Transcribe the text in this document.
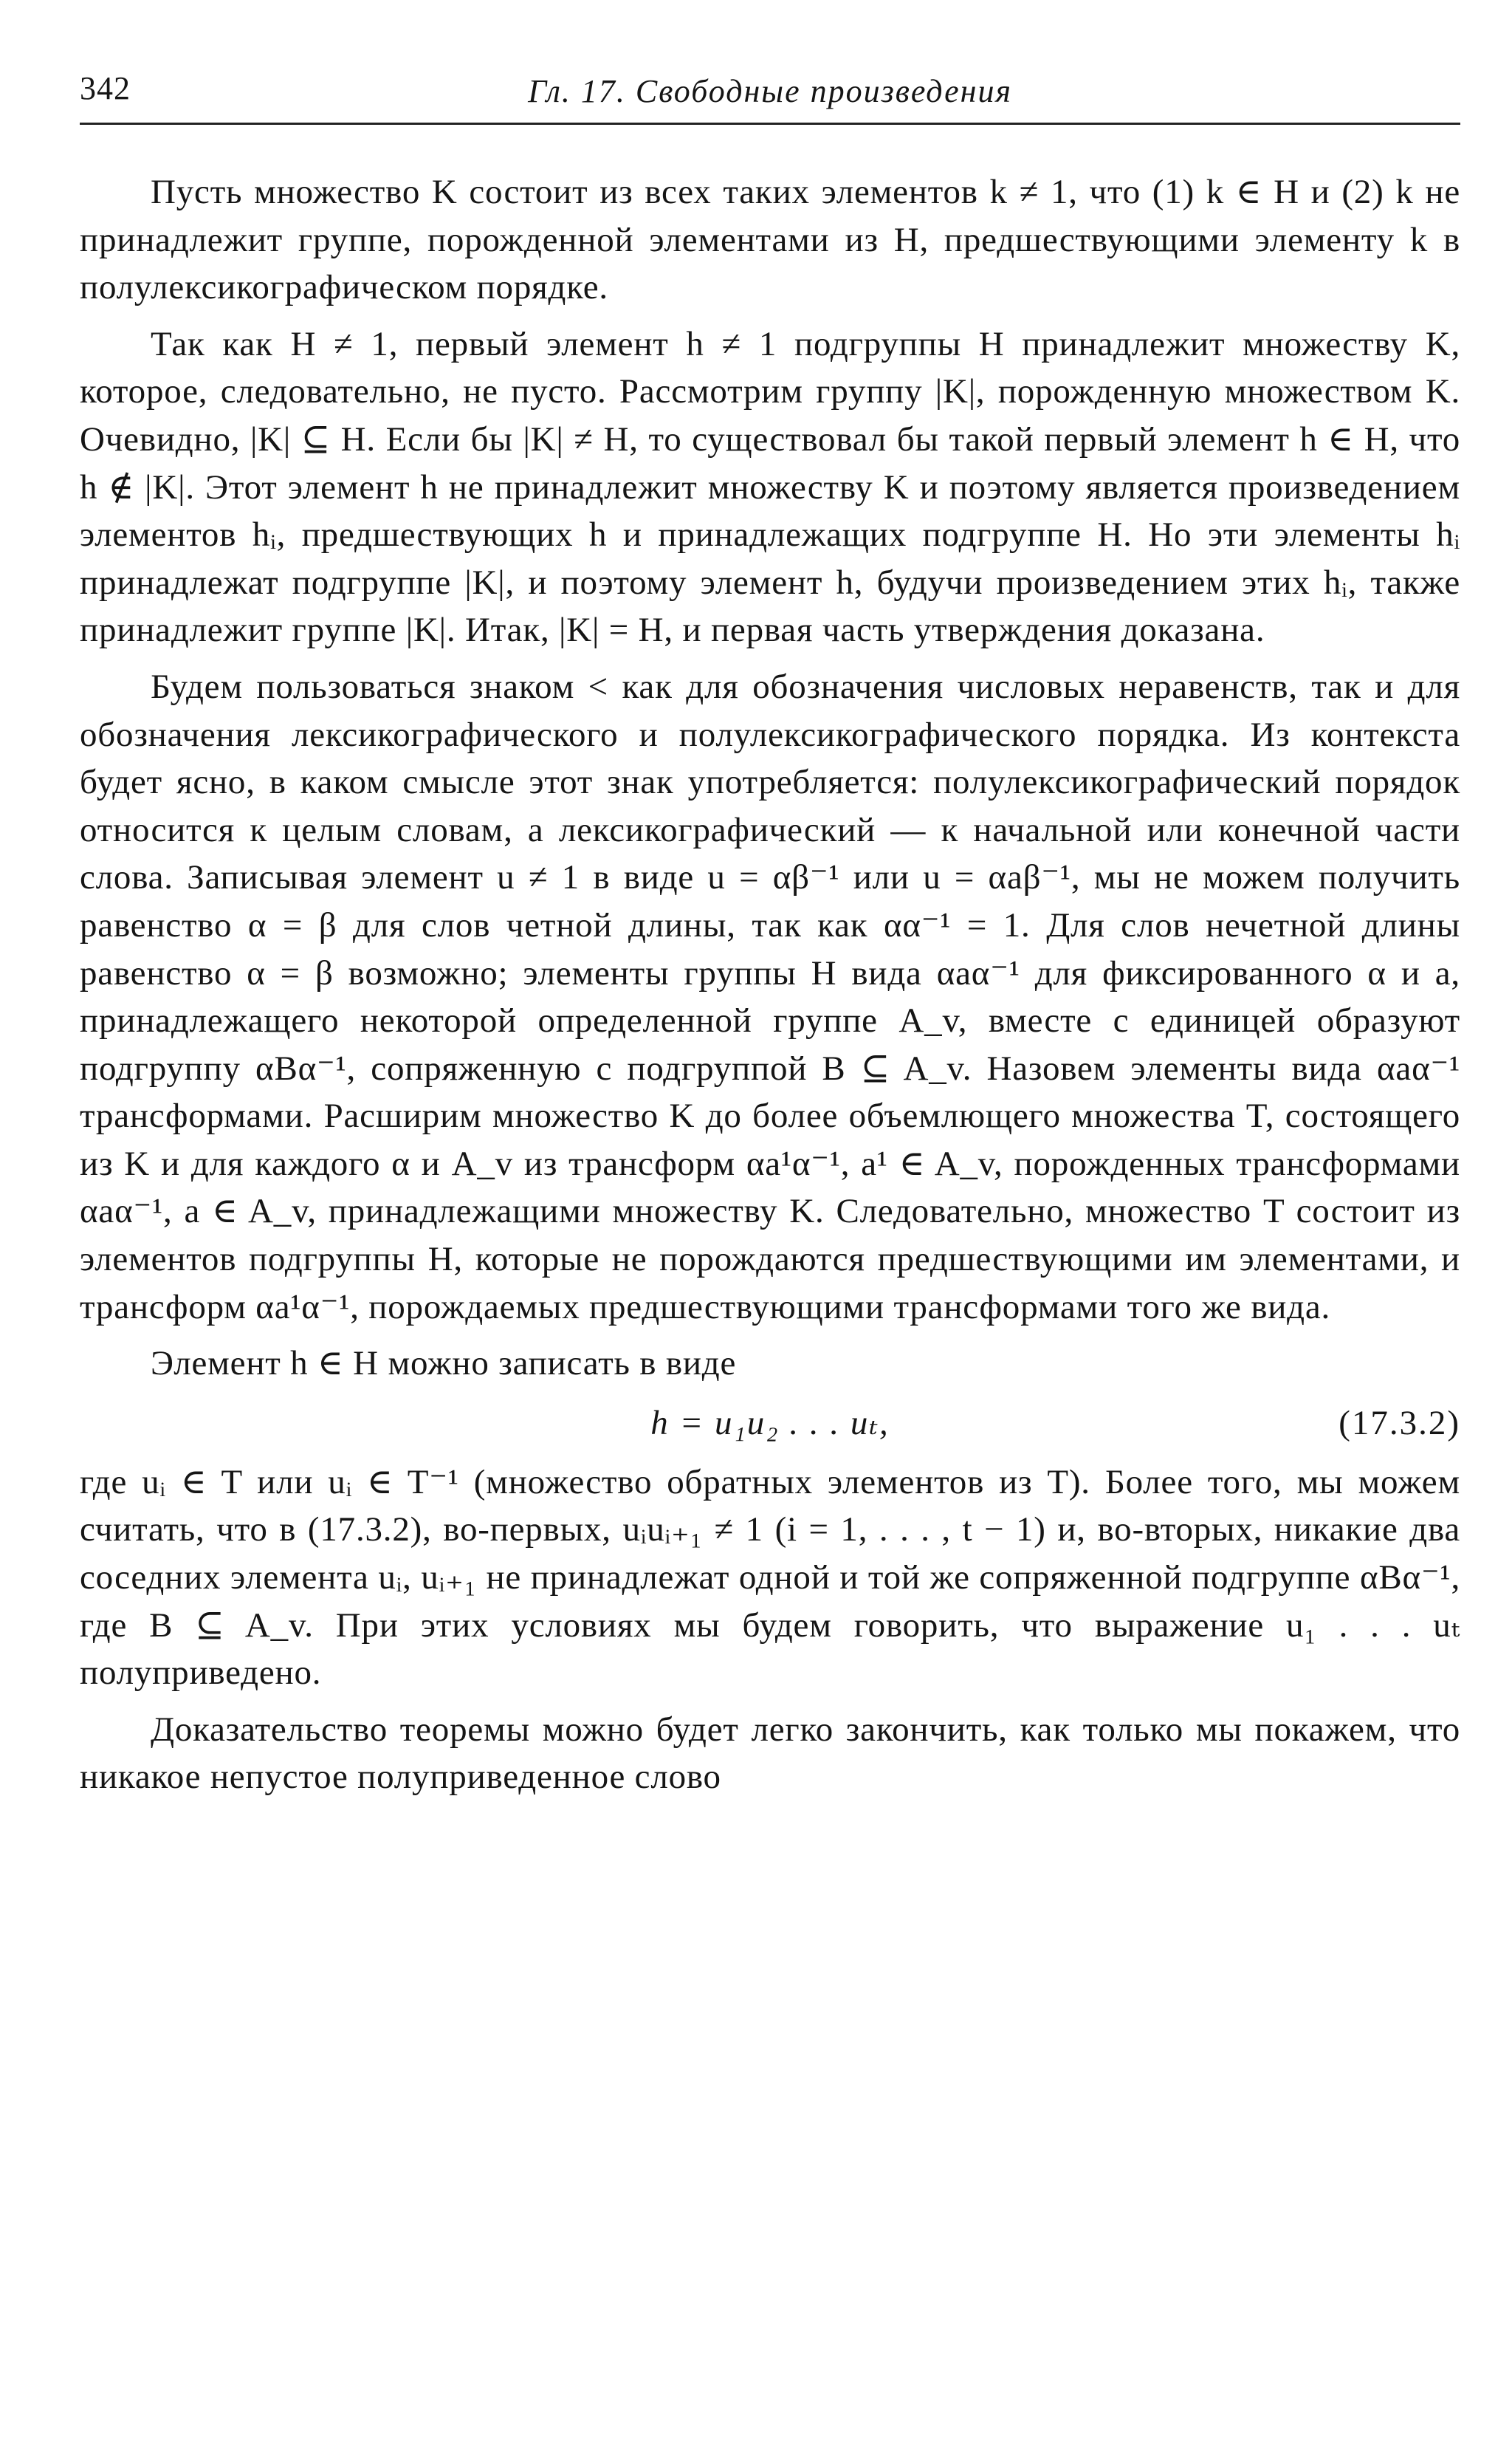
342	Гл. 17. Свободные произведения

Пусть множество K состоит из всех таких элементов k ≠ 1, что (1) k ∈ H и (2) k не принадлежит группе, порожденной элементами из H, предшествующими элементу k в полулексикографическом порядке.

Так как H ≠ 1, первый элемент h ≠ 1 подгруппы H принадлежит множеству K, которое, следовательно, не пусто. Рассмотрим группу |K|, порожденную множеством K. Очевидно, |K| ⊆ H. Если бы |K| ≠ H, то существовал бы такой первый элемент h ∈ H, что h ∉ |K|. Этот элемент h не принадлежит множеству K и поэтому является произведением элементов hᵢ, предшествующих h и принадлежащих подгруппе H. Но эти элементы hᵢ принадлежат подгруппе |K|, и поэтому элемент h, будучи произведением этих hᵢ, также принадлежит группе |K|. Итак, |K| = H, и первая часть утверждения доказана.

Будем пользоваться знаком < как для обозначения числовых неравенств, так и для обозначения лексикографического и полулексикографического порядка. Из контекста будет ясно, в каком смысле этот знак употребляется: полулексикографический порядок относится к целым словам, а лексикографический — к начальной или конечной части слова. Записывая элемент u ≠ 1 в виде u = αβ⁻¹ или u = αaβ⁻¹, мы не можем получить равенство α = β для слов четной длины, так как αα⁻¹ = 1. Для слов нечетной длины равенство α = β возможно; элементы группы H вида αaα⁻¹ для фиксированного α и a, принадлежащего некоторой определенной группе A_v, вместе с единицей образуют подгруппу αBα⁻¹, сопряженную с подгруппой B ⊆ A_v. Назовем элементы вида αaα⁻¹ трансформами. Расширим множество K до более объемлющего множества T, состоящего из K и для каждого α и A_v из трансформ αa¹α⁻¹, a¹ ∈ A_v, порожденных трансформами αaα⁻¹, a ∈ A_v, принадлежащими множеству K. Следовательно, множество T состоит из элементов подгруппы H, которые не порождаются предшествующими им элементами, и трансформ αa¹α⁻¹, порождаемых предшествующими трансформами того же вида.

Элемент h ∈ H можно записать в виде

h = u₁u₂ . . . uₜ,	(17.3.2)

где uᵢ ∈ T или uᵢ ∈ T⁻¹ (множество обратных элементов из T). Более того, мы можем считать, что в (17.3.2), во-первых, uᵢuᵢ₊₁ ≠ 1 (i = 1, . . . , t − 1) и, во-вторых, никакие два соседних элемента uᵢ, uᵢ₊₁ не принадлежат одной и той же сопряженной подгруппе αBα⁻¹, где B ⊆ A_v. При этих условиях мы будем говорить, что выражение u₁ . . . uₜ полуприведено.

Доказательство теоремы можно будет легко закончить, как только мы покажем, что никакое непустое полуприведенное слово
